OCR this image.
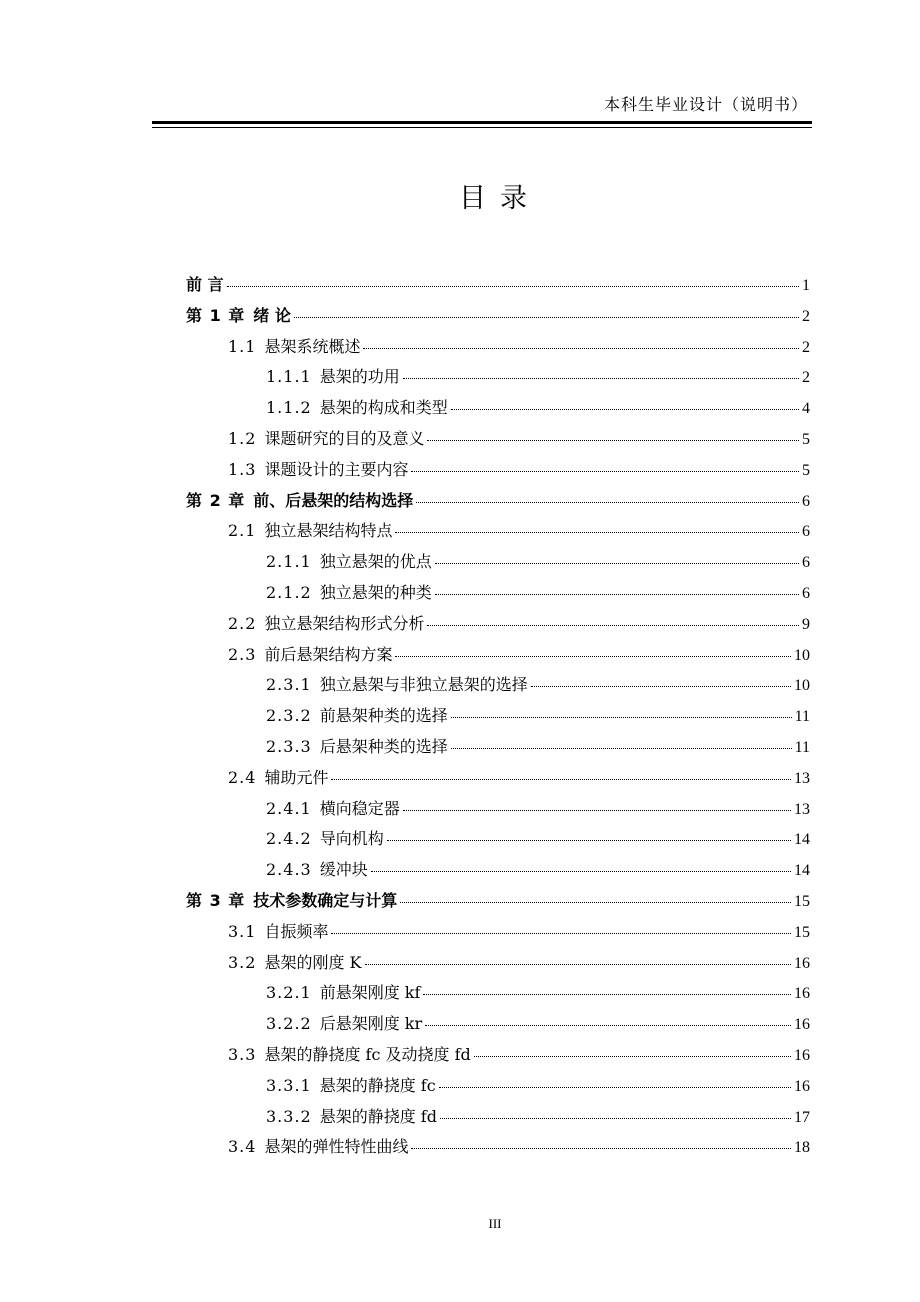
本科生毕业设计（说明书）
目录
前 言	1
第 1 章 绪 论	2
1.1 悬架系统概述	2
1.1.1 悬架的功用	2
1.1.2 悬架的构成和类型	4
1.2 课题研究的目的及意义	5
1.3 课题设计的主要内容	5
第 2 章 前、后悬架的结构选择	6
2.1 独立悬架结构特点	6
2.1.1 独立悬架的优点	6
2.1.2 独立悬架的种类	6
2.2 独立悬架结构形式分析	9
2.3 前后悬架结构方案	10
2.3.1 独立悬架与非独立悬架的选择	10
2.3.2 前悬架种类的选择	11
2.3.3 后悬架种类的选择	11
2.4 辅助元件	13
2.4.1 横向稳定器	13
2.4.2 导向机构	14
2.4.3 缓冲块	14
第 3 章 技术参数确定与计算	15
3.1 自振频率	15
3.2 悬架的刚度 K	16
3.2.1 前悬架刚度 kf	16
3.2.2 后悬架刚度 kr	16
3.3 悬架的静挠度 fc 及动挠度 fd	16
3.3.1 悬架的静挠度 fc	16
3.3.2 悬架的静挠度 fd	17
3.4 悬架的弹性特性曲线	18
III
